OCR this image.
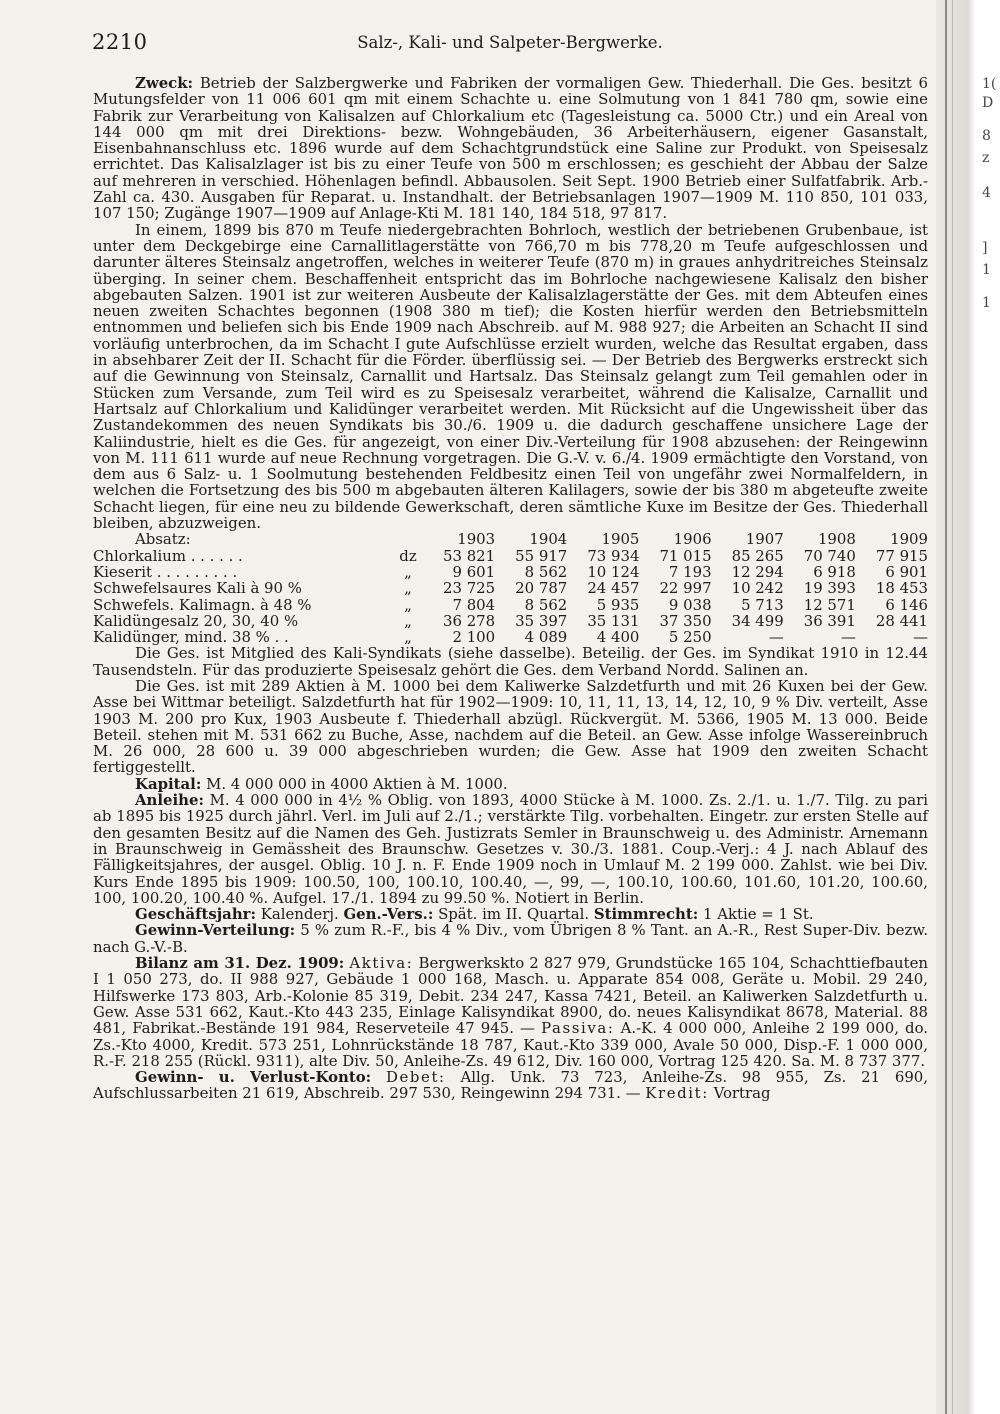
1(
D
8
z
4
]
1
1
2210	Salz-, Kali- und Salpeter-Bergwerke.

Zweck: Betrieb der Salzbergwerke und Fabriken der vormaligen Gew. Thiederhall. Die Ges. besitzt 6 Mutungsfelder von 11 006 601 qm mit einem Schachte u. eine Solmutung von 1 841 780 qm, sowie eine Fabrik zur Verarbeitung von Kalisalzen auf Chlorkalium etc (Tagesleistung ca. 5000 Ctr.) und ein Areal von 144 000 qm mit drei Direktions- bezw. Wohngebäuden, 36 Arbeiterhäusern, eigener Gasanstalt, Eisenbahnanschluss etc. 1896 wurde auf dem Schachtgrundstück eine Saline zur Produkt. von Speisesalz errichtet. Das Kalisalzlager ist bis zu einer Teufe von 500 m erschlossen; es geschieht der Abbau der Salze auf mehreren in verschied. Höhenlagen befindl. Abbausolen. Seit Sept. 1900 Betrieb einer Sulfatfabrik. Arb.-Zahl ca. 430. Ausgaben für Reparat. u. Instandhalt. der Betriebsanlagen 1907—1909 M. 110 850, 101 033, 107 150; Zugänge 1907—1909 auf Anlage-Kti M. 181 140, 184 518, 97 817.

In einem, 1899 bis 870 m Teufe niedergebrachten Bohrloch, westlich der betriebenen Grubenbaue, ist unter dem Deckgebirge eine Carnallitlagerstätte von 766,70 m bis 778,20 m Teufe aufgeschlossen und darunter älteres Steinsalz angetroffen, welches in weiterer Teufe (870 m) in graues anhydritreiches Steinsalz überging. In seiner chem. Beschaffenheit entspricht das im Bohrloche nachgewiesene Kalisalz den bisher abgebauten Salzen. 1901 ist zur weiteren Ausbeute der Kalisalzlagerstätte der Ges. mit dem Abteufen eines neuen zweiten Schachtes begonnen (1908 380 m tief); die Kosten hierfür werden den Betriebsmitteln entnommen und beliefen sich bis Ende 1909 nach Abschreib. auf M. 988 927; die Arbeiten an Schacht II sind vorläufig unterbrochen, da im Schacht I gute Aufschlüsse erzielt wurden, welche das Resultat ergaben, dass in absehbarer Zeit der II. Schacht für die Förder. überflüssig sei. — Der Betrieb des Bergwerks erstreckt sich auf die Gewinnung von Steinsalz, Carnallit und Hartsalz. Das Steinsalz gelangt zum Teil gemahlen oder in Stücken zum Versande, zum Teil wird es zu Speisesalz verarbeitet, während die Kalisalze, Carnallit und Hartsalz auf Chlorkalium und Kalidünger verarbeitet werden. Mit Rücksicht auf die Ungewissheit über das Zustandekommen des neuen Syndikats bis 30./6. 1909 u. die dadurch geschaffene unsichere Lage der Kaliindustrie, hielt es die Ges. für angezeigt, von einer Div.-Verteilung für 1908 abzusehen: der Reingewinn von M. 111 611 wurde auf neue Rechnung vorgetragen. Die G.-V. v. 6./4. 1909 ermächtigte den Vorstand, von dem aus 6 Salz- u. 1 Soolmutung bestehenden Feldbesitz einen Teil von ungefähr zwei Normalfeldern, in welchen die Fortsetzung des bis 500 m abgebauten älteren Kalilagers, sowie der bis 380 m abgeteufte zweite Schacht liegen, für eine neu zu bildende Gewerkschaft, deren sämtliche Kuxe im Besitze der Ges. Thiederhall bleiben, abzuzweigen.

Absatz:		1903	1904	1905	1906	1907	1908	1909
Chlorkalium . . . . . .	dz	53 821	55 917	73 934	71 015	85 265	70 740	77 915
Kieserit . . . . . . . . .	„	9 601	8 562	10 124	7 193	12 294	6 918	6 901
Schwefelsaures Kali à 90 %	„	23 725	20 787	24 457	22 997	10 242	19 393	18 453
Schwefels. Kalimagn. à 48 %	„	7 804	8 562	5 935	9 038	5 713	12 571	6 146
Kalidüngesalz 20, 30, 40 %	„	36 278	35 397	35 131	37 350	34 499	36 391	28 441
Kalidünger, mind. 38 % . .	„	2 100	4 089	4 400	5 250	—	—	—

Die Ges. ist Mitglied des Kali-Syndikats (siehe dasselbe). Beteilig. der Ges. im Syndikat 1910 in 12.44 Tausendsteln. Für das produzierte Speisesalz gehört die Ges. dem Verband Nordd. Salinen an.

Die Ges. ist mit 289 Aktien à M. 1000 bei dem Kaliwerke Salzdetfurth und mit 26 Kuxen bei der Gew. Asse bei Wittmar beteiligt. Salzdetfurth hat für 1902—1909: 10, 11, 11, 13, 14, 12, 10, 9 % Div. verteilt, Asse 1903 M. 200 pro Kux, 1903 Ausbeute f. Thiederhall abzügl. Rückvergüt. M. 5366, 1905 M. 13 000. Beide Beteil. stehen mit M. 531 662 zu Buche, Asse, nachdem auf die Beteil. an Gew. Asse infolge Wassereinbruch M. 26 000, 28 600 u. 39 000 abgeschrieben wurden; die Gew. Asse hat 1909 den zweiten Schacht fertiggestellt.

Kapital: M. 4 000 000 in 4000 Aktien à M. 1000.

Anleihe: M. 4 000 000 in 4½ % Oblig. von 1893, 4000 Stücke à M. 1000. Zs. 2./1. u. 1./7. Tilg. zu pari ab 1895 bis 1925 durch jährl. Verl. im Juli auf 2./1.; verstärkte Tilg. vorbehalten. Eingetr. zur ersten Stelle auf den gesamten Besitz auf die Namen des Geh. Justizrats Semler in Braunschweig u. des Administr. Arnemann in Braunschweig in Gemässheit des Braunschw. Gesetzes v. 30./3. 1881. Coup.-Verj.: 4 J. nach Ablauf des Fälligkeitsjahres, der ausgel. Oblig. 10 J. n. F. Ende 1909 noch in Umlauf M. 2 199 000. Zahlst. wie bei Div. Kurs Ende 1895 bis 1909: 100.50, 100, 100.10, 100.40, —, 99, —, 100.10, 100.60, 101.60, 101.20, 100.60, 100, 100.20, 100.40 %. Aufgel. 17./1. 1894 zu 99.50 %. Notiert in Berlin.

Geschäftsjahr: Kalenderj. Gen.-Vers.: Spät. im II. Quartal. Stimmrecht: 1 Aktie = 1 St.

Gewinn-Verteilung: 5 % zum R.-F., bis 4 % Div., vom Übrigen 8 % Tant. an A.-R., Rest Super-Div. bezw. nach G.-V.-B.

Bilanz am 31. Dez. 1909: Aktiva: Bergwerkskto 2 827 979, Grundstücke 165 104, Schachttiefbauten I 1 050 273, do. II 988 927, Gebäude 1 000 168, Masch. u. Apparate 854 008, Geräte u. Mobil. 29 240, Hilfswerke 173 803, Arb.-Kolonie 85 319, Debit. 234 247, Kassa 7421, Beteil. an Kaliwerken Salzdetfurth u. Gew. Asse 531 662, Kaut.-Kto 443 235, Einlage Kalisyndikat 8900, do. neues Kalisyndikat 8678, Material. 88 481, Fabrikat.-Bestände 191 984, Reserveteile 47 945. — Passiva: A.-K. 4 000 000, Anleihe 2 199 000, do. Zs.-Kto 4000, Kredit. 573 251, Lohnrückstände 18 787, Kaut.-Kto 339 000, Avale 50 000, Disp.-F. 1 000 000, R.-F. 218 255 (Rückl. 9311), alte Div. 50, Anleihe-Zs. 49 612, Div. 160 000, Vortrag 125 420. Sa. M. 8 737 377.

Gewinn- u. Verlust-Konto: Debet: Allg. Unk. 73 723, Anleihe-Zs. 98 955, Zs. 21 690, Aufschlussarbeiten 21 619, Abschreib. 297 530, Reingewinn 294 731. — Kredit: Vortrag
